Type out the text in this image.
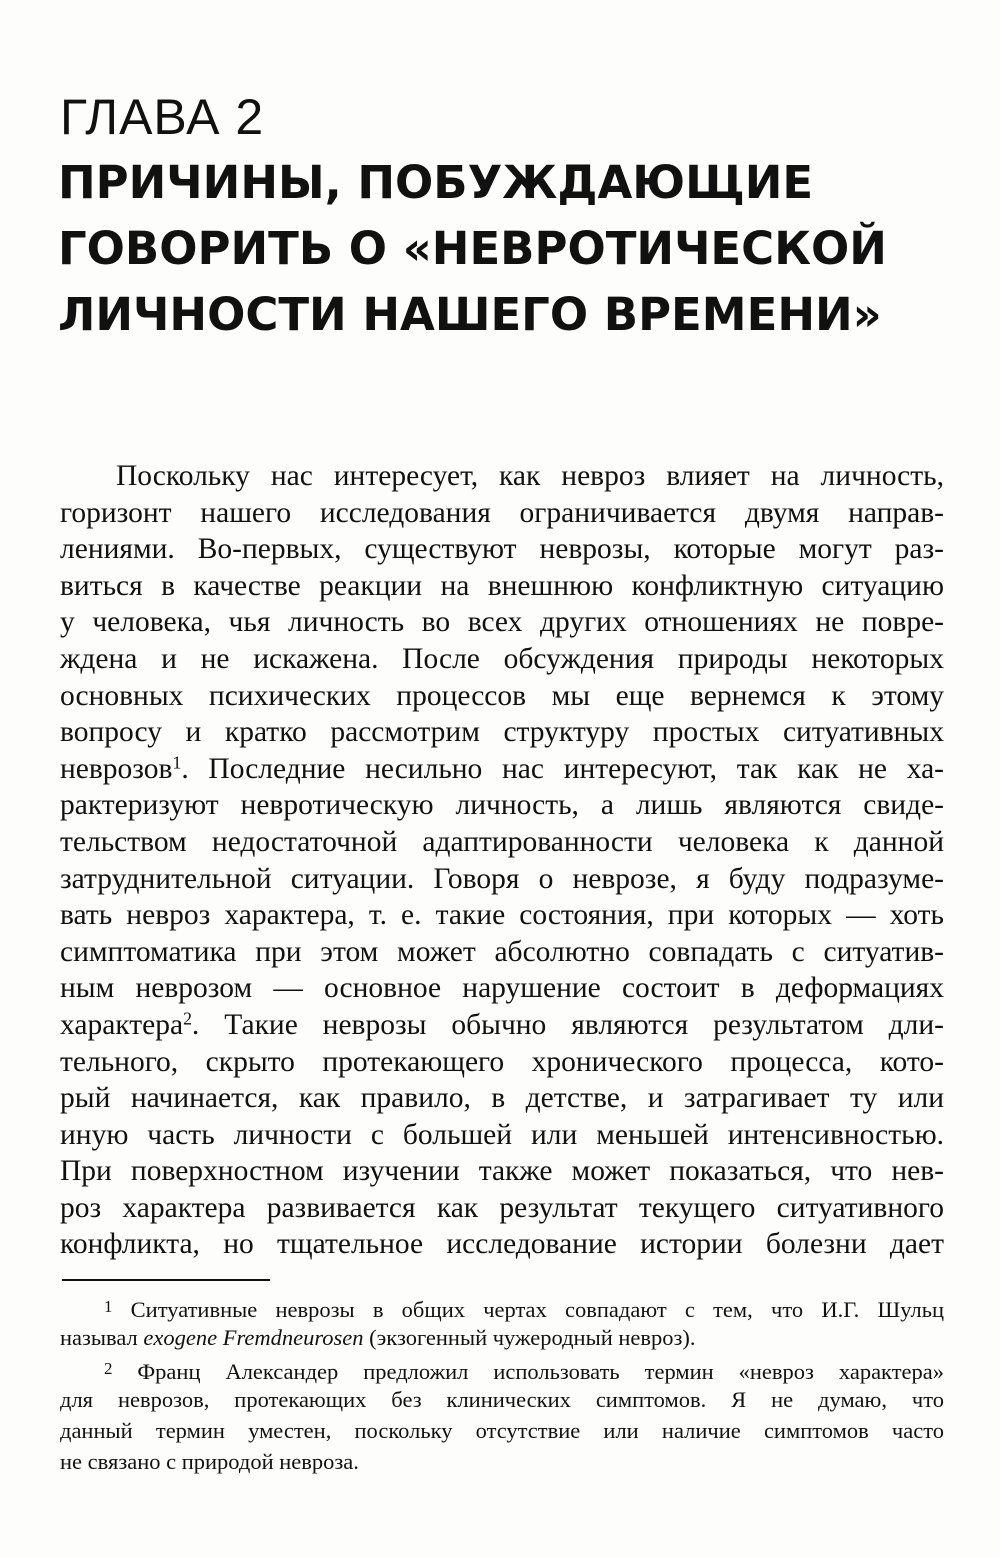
ГЛАВА 2
ПРИЧИНЫ, ПОБУЖДАЮЩИЕ
ГОВОРИТЬ О «НЕВРОТИЧЕСКОЙ
ЛИЧНОСТИ НАШЕГО ВРЕМЕНИ»
Поскольку нас интересует, как невроз влияет на личность,
горизонт нашего исследования ограничивается двумя направ-
лениями. Во-первых, существуют неврозы, которые могут раз-
виться в качестве реакции на внешнюю конфликтную ситуацию
у человека, чья личность во всех других отношениях не повре-
ждена и не искажена. После обсуждения природы некоторых
основных психических процессов мы еще вернемся к этому
вопросу и кратко рассмотрим структуру простых ситуативных
неврозов$^1$. Последние несильно нас интересуют, так как не ха-
рактеризуют невротическую личность, а лишь являются свиде-
тельством недостаточной адаптированности человека к данной
затруднительной ситуации. Говоря о неврозе, я буду подразуме-
вать невроз характера, т. е. такие состояния, при которых — хоть
симптоматика при этом может абсолютно совпадать с ситуатив-
ным неврозом — основное нарушение состоит в деформациях
характера$^2$. Такие неврозы обычно являются результатом дли-
тельного, скрыто протекающего хронического процесса, кото-
рый начинается, как правило, в детстве, и затрагивает ту или
иную часть личности с большей или меньшей интенсивностью.
При поверхностном изучении также может показаться, что нев-
роз характера развивается как результат текущего ситуативного
конфликта, но тщательное исследование истории болезни дает
$^1$ Ситуативные неврозы в общих чертах совпадают с тем, что И.Г. Шульц
называл exogene Fremdneurosen (экзогенный чужеродный невроз).
$^2$ Франц Александер предложил использовать термин «невроз характера»
для неврозов, протекающих без клинических симптомов. Я не думаю, что
данный термин уместен, поскольку отсутствие или наличие симптомов часто
не связано с природой невроза.
